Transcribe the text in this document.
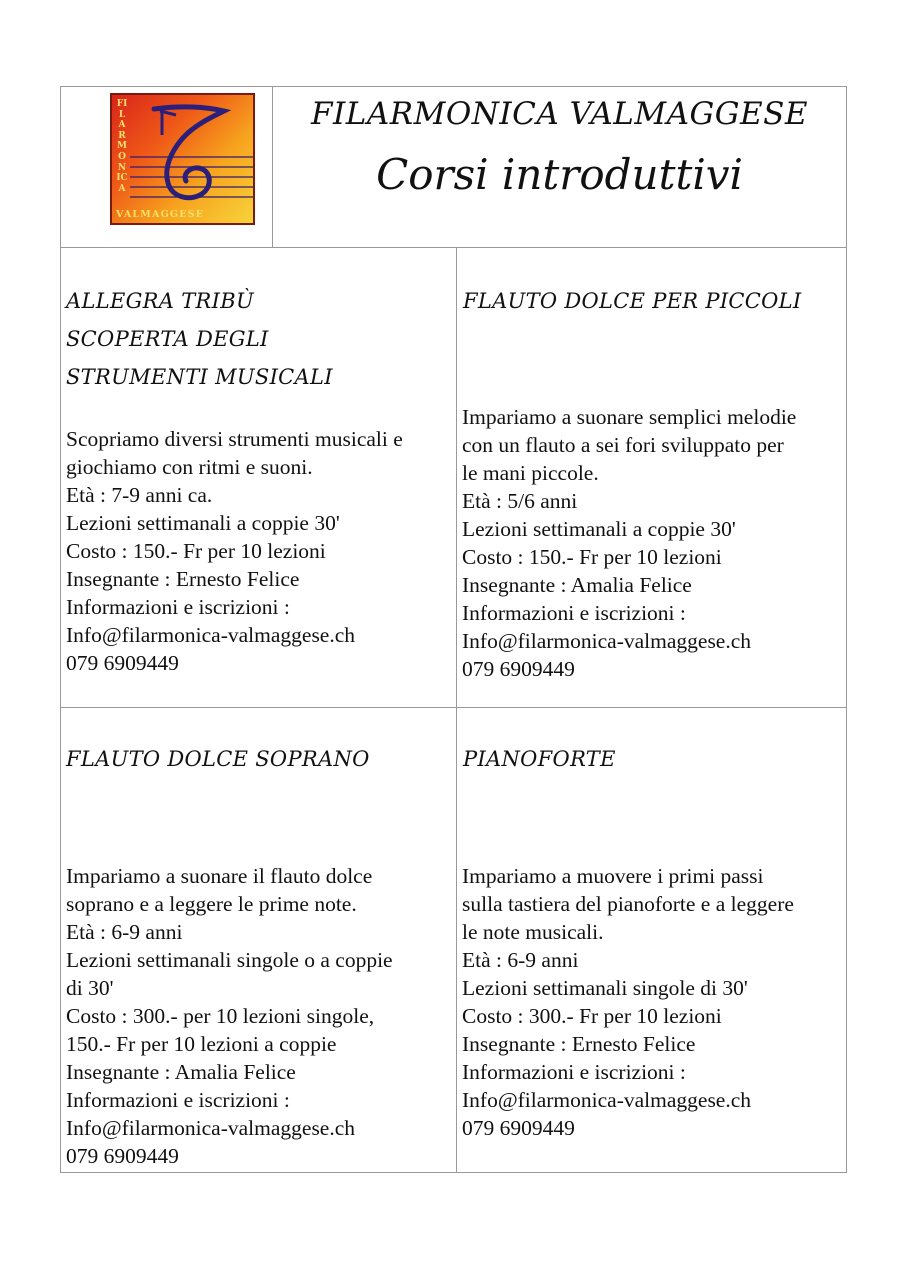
FILARMONICA
VALMAGGESE
FILARMONICA VALMAGGESE
Corsi introduttivi
ALLEGRA TRIBÙ
SCOPERTA DEGLI
STRUMENTI MUSICALI
Scopriamo diversi strumenti musicali e
giochiamo con ritmi e suoni.
Età : 7-9 anni ca.
Lezioni settimanali a coppie 30'
Costo : 150.- Fr per 10 lezioni
Insegnante : Ernesto Felice
Informazioni e iscrizioni :
Info@filarmonica-valmaggese.ch
079 6909449
FLAUTO DOLCE PER PICCOLI
Impariamo a suonare semplici melodie
con un flauto a sei fori sviluppato per
le mani piccole.
Età : 5/6 anni
Lezioni settimanali a coppie 30'
Costo : 150.- Fr per 10 lezioni
Insegnante : Amalia Felice
Informazioni e iscrizioni :
Info@filarmonica-valmaggese.ch
079 6909449
FLAUTO DOLCE SOPRANO
Impariamo a suonare il flauto dolce
soprano e a leggere le prime note.
Età : 6-9 anni
Lezioni settimanali singole o a coppie
di 30'
Costo : 300.- per 10 lezioni singole,
150.- Fr per 10 lezioni a coppie
Insegnante : Amalia Felice
Informazioni e iscrizioni :
Info@filarmonica-valmaggese.ch
079 6909449
PIANOFORTE
Impariamo a muovere i primi passi
sulla tastiera del pianoforte e a leggere
le note musicali.
Età : 6-9 anni
Lezioni settimanali singole di 30'
Costo : 300.- Fr per 10 lezioni
Insegnante : Ernesto Felice
Informazioni e iscrizioni :
Info@filarmonica-valmaggese.ch
079 6909449
